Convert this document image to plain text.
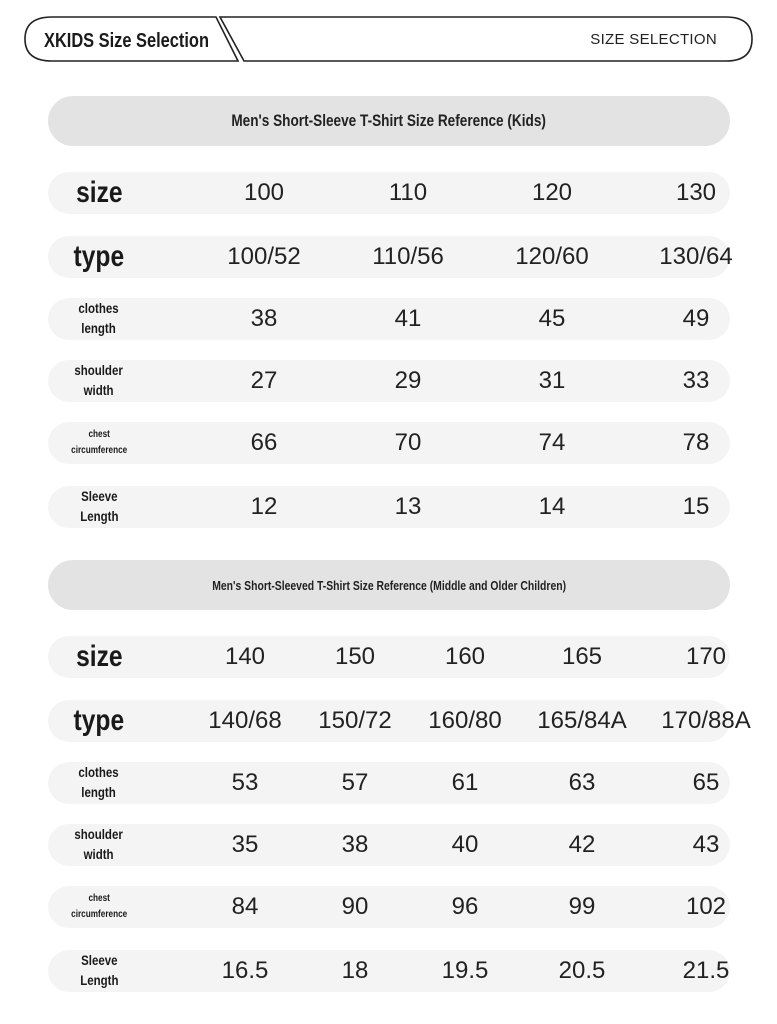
XKIDS Size Selection	SIZE SELECTION
Men's Short-Sleeve T-Shirt Size Reference (Kids)
size	100	110	120	130
type	100/52	110/56	120/60	130/64
clothes
length	38	41	45	49
shoulder
width	27	29	31	33
chest
circumference	66	70	74	78
Sleeve
Length	12	13	14	15
Men's Short-Sleeved T-Shirt Size Reference (Middle and Older Children)
size	140	150	160	165	170
type	140/68 150/72 160/80 165/84A 170/88A
clothes
length	53	57	61	63	65
shoulder
width	35	38	40	42	43
chest
circumference	84	90	96	99	102
Sleeve
Length	16.5	18	19.5	20.5	21.5
